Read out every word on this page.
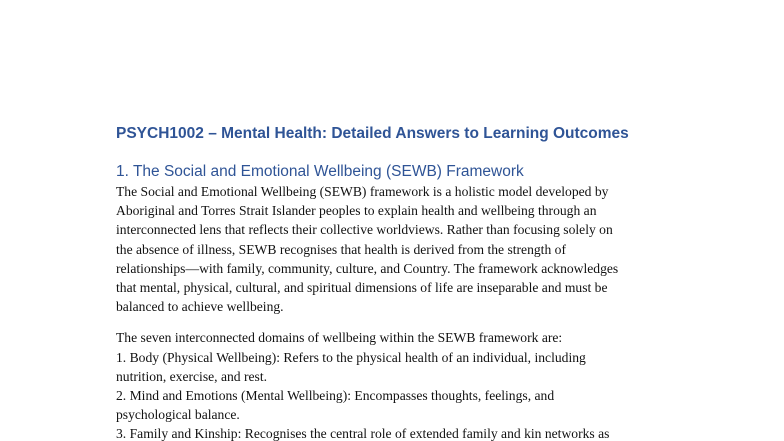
PSYCH1002 – Mental Health: Detailed Answers to Learning Outcomes
1. The Social and Emotional Wellbeing (SEWB) Framework
The Social and Emotional Wellbeing (SEWB) framework is a holistic model developed by
Aboriginal and Torres Strait Islander peoples to explain health and wellbeing through an
interconnected lens that reflects their collective worldviews. Rather than focusing solely on
the absence of illness, SEWB recognises that health is derived from the strength of
relationships—with family, community, culture, and Country. The framework acknowledges
that mental, physical, cultural, and spiritual dimensions of life are inseparable and must be
balanced to achieve wellbeing.
The seven interconnected domains of wellbeing within the SEWB framework are:
1. Body (Physical Wellbeing): Refers to the physical health of an individual, including
nutrition, exercise, and rest.
2. Mind and Emotions (Mental Wellbeing): Encompasses thoughts, feelings, and
psychological balance.
3. Family and Kinship: Recognises the central role of extended family and kin networks as
